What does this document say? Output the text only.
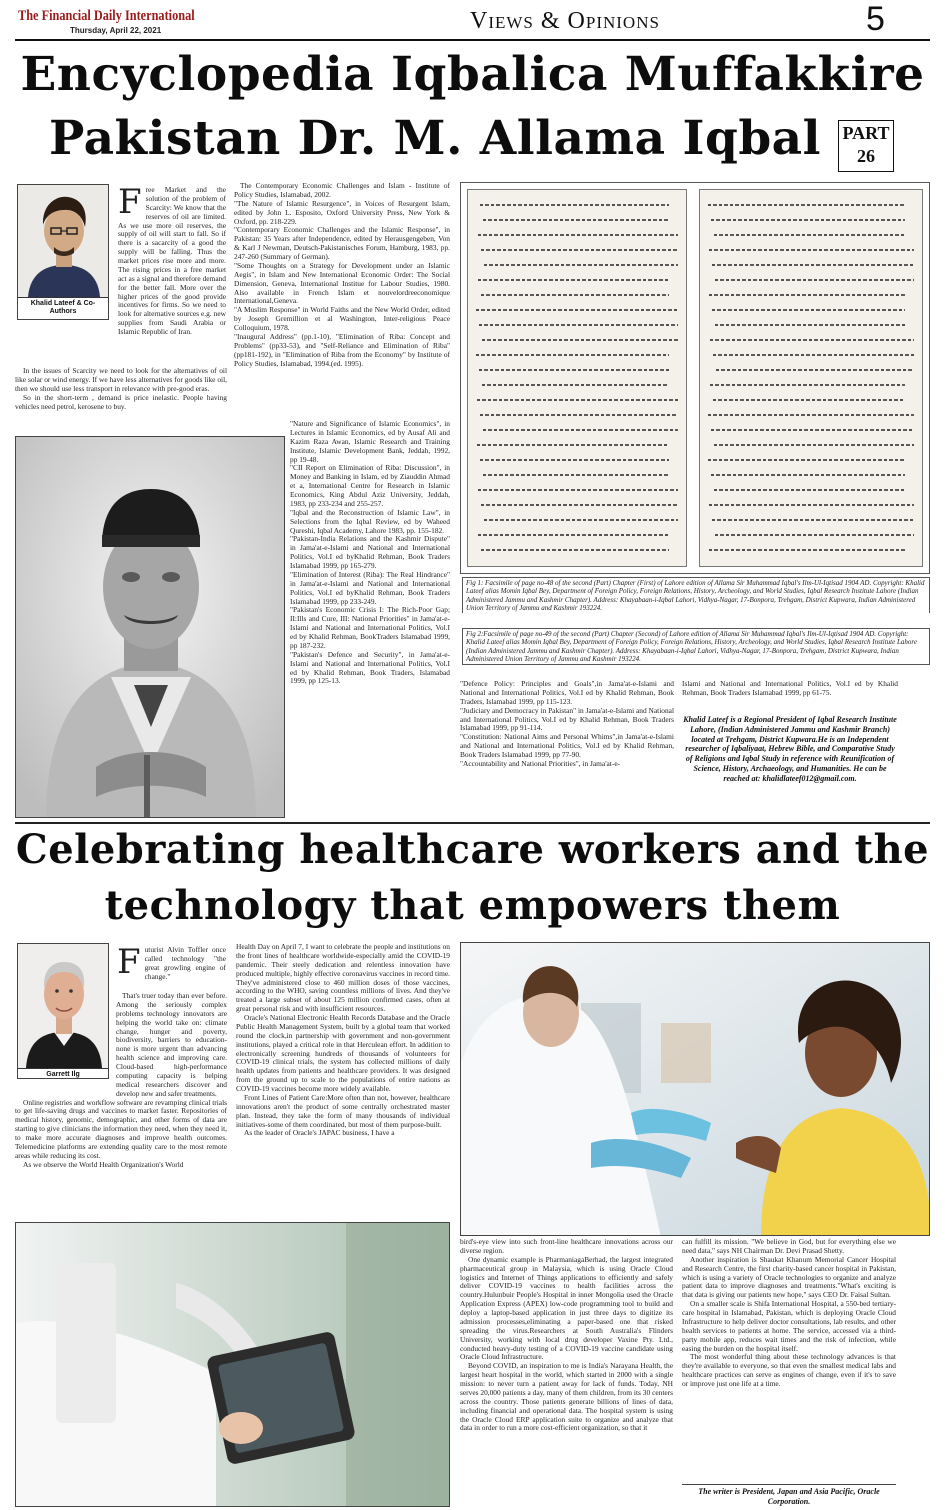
The Financial Daily International
Thursday, April 22, 2021	Views & Opinions	5
Encyclopedia Iqbalica Muffakkire
Pakistan Dr. M. Allama Iqbal	PART
26
Khalid Lateef & Co-Authors
F ree Market and the solution of the problem of Scarcity: We know that the reserves of oil are limited. As we use more oil reserves, the supply of oil will start to fall. So if there is a sacarcity of a good the supply will be falling. Thus the market prices rise more and more. The rising prices in a free market act as a signal and therefore demand for the better fall. More over the higher prices of the good provide incentives for firms. So we need to look for alternative sources e.g. new supplies from Saudi Arabia or Islamic Republic of Iran.

In the issues of Scarcity we need to look for the alternatives of oil like solar or wind energy. If we have less alternatives for goods like oil, then we should use less transport in relevance with pre-good eras.

So in the short-term , demand is price inelastic. People having vehicles need petrol, kerosene to buy.

The Contemporary Economic Challenges and Islam - Institute of Policy Studies, Islamabad, 2002.
"The Nature of Islamic Resurgence", in Voices of Resurgent Islam, edited by John L. Esposito, Oxford University Press, New York & Oxford, pp. 218-229.
"Contemporary Economic Challenges and the Islamic Response", in Pakistan: 35 Years after Independence, edited by Herausgengeben, Von & Karl J Newman, Deutsch-Pakistanisches Forum, Hamburg, 1983, pp. 247-260 (Summary of German).
"Some Thoughts on a Strategy for Development under an Islamic Aegis", in Islam and New International Economic Order: The Social Dimension, Geneva, International Institue for Labour Studies, 1980. Also available in French Islam et nouvelordreeconomique International,Geneva.
"A Muslim Response" in World Faiths and the New World Order, edited by Joseph Gremillion et al Washington, Inter-religious Peace Colloquium, 1978.
"Inaugural Address" (pp.1-10), "Elimination of Riba: Concept and Problems" (pp33-53), and "Self-Reliance and Elimination of Riba" (pp181-192), in "Elimination of Riba from the Economy" by Institute of Policy Studies, Islamabad, 1994.(ed. 1995).
"Nature and Significance of Islamic Economics", in Lectures in Islamic Economics, ed by Ausaf Ali and Kazim Raza Awan, Islamic Research and Training Institute, Islamic Development Bank, Jeddah, 1992, pp 19-48.
"CII Report on Elimination of Riba: Discussion", in Money and Banking in Islam, ed by Ziauddin Ahmad et a, International Centre for Research in Islamic Economics, King Abdul Aziz University, Jeddah, 1983, pp 233-234 and 255-257.
"Iqbal and the Reconstruction of Islamic Law", in Selections from the Iqbal Review, ed by Waheed Qureshi, Iqbal Academy, Lahore 1983, pp. 155-182.
"Pakistan-India Relations and the Kashmir Dispute" in Jama'at-e-Islami and National and International Politics, Vol.I ed byKhalid Rehman, Book Traders Islamabad 1999, pp 165-279.
"Elimination of Interest (Riba): The Real Hindrance" in Jama'at-e-Islami and National and International Politics, Vol.I ed byKhalid Rehman, Book Traders Islamabad 1999, pp 233-249.
"Pakistan's Economic Crisis I: The Rich-Poor Gap; II:Ills and Cure, III: National Priorities" in Jama'at-e-Islami and National and International Politics, Vol.I ed by Khalid Rehman, BookTraders Islamabad 1999, pp 187-232.
"Pakistan's Defence and Security", in Jama'at-e-Islami and National and International Politics, Vol.I ed by Khalid Rehman, Book Traders, Islamabad 1999, pp 125-13.
Fig 1: Facsimile of page no-48 of the second (Part) Chapter (First) of Lahore edition of Allama Sir Muhammad Iqbal's Ilm-Ul-Iqtisad 1904 AD. Copyright: Khalid Lateef alias Momin Iqbal Bey, Department of Foreign Policy, Foreign Relations, History, Archeology, and World Studies, Iqbal Research Institute Lahore (Indian Administered Jammu and Kashmir Chapter). Address: Khayabaan-i-Iqbal Lahori, Vidhya-Nagar, 17-Bonpora, Trehgam, District Kupwara, Indian Administered Union Territory of Jammu and Kashmir 193224.
Fig 2:Facsimile of page no-49 of the second (Part) Chapter (Second) of Lahore edition of Allama Sir Muhammad Iqbal's Ilm-Ul-Iqtisad 1904 AD. Copyright: Khalid Lateef alias Momin Iqbal Bey, Department of Foreign Policy, Foreign Relations, History, Archeology, and World Studies, Iqbal Research Institute Lahore (Indian Administered Jammu and Kashmir Chapter). Address: Khayabaan-i-Iqbal Lahori, Vidhya-Nagar, 17-Bonpora, Trehgam, District Kupwara, Indian Administered Union Territory of Jammu and Kashmir 193224.
"Defence Policy: Principles and Goals",in Jama'at-e-Islami and National and International Politics, Vol.I ed by Khalid Rehman, Book Traders, Islamabad 1999, pp 115-123.
"Judiciary and Democracy in Pakistan" in Jama'at-e-Islami and National and International Politics, Vol.I ed by Khalid Rehman, Book Traders Islamabad 1999, pp 91-114.
"Constitution: National Aims and Personal Whims",in Jama'at-e-Islami and National and International Politics, Vol.I ed by Khalid Rehman, Book Traders Islamabad 1999, pp 77-90.
"Accountability and National Priorities", in Jama'at-e-
Islami and National and International Politics, Vol.I ed by Khalid Rehman, Book Traders Islamabad 1999, pp 61-75.
Khalid Lateef is a Regional President of Iqbal Research Institute Lahore, (Indian Administered Jammu and Kashmir Branch) located at Trehgam, District Kupwara.He is an Independent researcher of Iqbaliyaat, Hebrew Bible, and Comparative Study of Religions and Iqbal Study in reference with Reunification of Science, History, Archaeology, and Humanities. He can be reached at: khalidlateef012@gmail.com.
Celebrating healthcare workers and the
technology that empowers them
Garrett Ilg
F uturist Alvin Toffler once called technology "the great growling engine of change."

That's truer today than ever before. Among the seriously complex problems technology innovators are helping the world take on: climate change, hunger and poverty, biodiversity, barriers to education-none is more urgent than advancing health science and improving care. Cloud-based high-performance computing capacity is helping medical researchers discover and develop new and safer treatments.

Online registries and workflow software are revamping clinical trials to get life-saving drugs and vaccines to market faster. Repositories of medical history, genomic, demographic, and other forms of data are starting to give clinicians the information they need, when they need it, to make more accurate diagnoses and improve health outcomes. Telemedicine platforms are extending quality care to the most remote areas while reducing its cost.

As we observe the World Health Organization's World

Health Day on April 7, I want to celebrate the people and institutions on the front lines of healthcare worldwide-especially amid the COVID-19 pandemic. Their steely dedication and relentless innovation have produced multiple, highly effective coronavirus vaccines in record time. They've administered close to 460 million doses of those vaccines, according to the WHO, saving countless millions of lives. And they've treated a large subset of about 125 million confirmed cases, often at great personal risk and with insufficient resources.

Oracle's National Electronic Health Records Database and the Oracle Public Health Management System, built by a global team that worked round the clock,in partnership with government and non-government institutions, played a critical role in that Herculean effort. In addition to electronically screening hundreds of thousands of volunteers for COVID-19 clinical trials, the system has collected millions of daily health updates from patients and healthcare providers. It was designed from the ground up to scale to the populations of entire nations as COVID-19 vaccines become more widely available.

Front Lines of Patient Care:More often than not, however, healthcare innovations aren't the product of some centrally orchestrated master plan. Instead, they take the form of many thousands of individual initiatives-some of them coordinated, but most of them purpose-built.

As the leader of Oracle's JAPAC business, I have a

bird's-eye view into such front-line healthcare innovations across our diverse region.

One dynamic example is PharmaniagaBerhad, the largest integrated pharmaceutical group in Malaysia, which is using Oracle Cloud logistics and Internet of Things applications to efficiently and safely deliver COVID-19 vaccines to health facilities across the country.Hulunbuir People's Hospital in inner Mongolia used the Oracle Application Express (APEX) low-code programming tool to build and deploy a laptop-based application in just three days to digitize its admission processes,eliminating a paper-based one that risked spreading the virus.Researchers at South Australia's Flinders University, working with local drug developer Vaxine Pty. Ltd., conducted heavy-duty testing of a COVID-19 vaccine candidate using Oracle Cloud Infrastructure.

Beyond COVID, an inspiration to me is India's Narayana Health, the largest heart hospital in the world, which started in 2000 with a single mission: to never turn a patient away for lack of funds. Today, NH serves 20,000 patients a day, many of them children, from its 30 centers across the country. Those patients generate billions of lines of data, including financial and operational data. The hospital system is using the Oracle Cloud ERP application suite to organize and analyze that data in order to run a more cost-efficient organization, so that it

can fulfill its mission. "We believe in God, but for everything else we need data," says NH Chairman Dr. Devi Prasad Shetty.

Another inspiration is Shaukat Khanum Memorial Cancer Hospital and Research Centre, the first charity-based cancer hospital in Pakistan, which is using a variety of Oracle technologies to organize and analyze patient data to improve diagnoses and treatments."What's exciting is that data is giving our patients new hope," says CEO Dr. Faisal Sultan.

On a smaller scale is Shifa International Hospital, a 550-bed tertiary-care hospital in Islamabad, Pakistan, which is deploying Oracle Cloud Infrastructure to help deliver doctor consultations, lab results, and other health services to patients at home. The service, accessed via a third-party mobile app, reduces wait times and the risk of infection, while easing the burden on the hospital itself.

The most wonderful thing about these technology advances is that they're available to everyone, so that even the smallest medical labs and healthcare practices can serve as engines of change, even if it's to save or improve just one life at a time.

The writer is President, Japan and Asia Pacific, Oracle Corporation.
